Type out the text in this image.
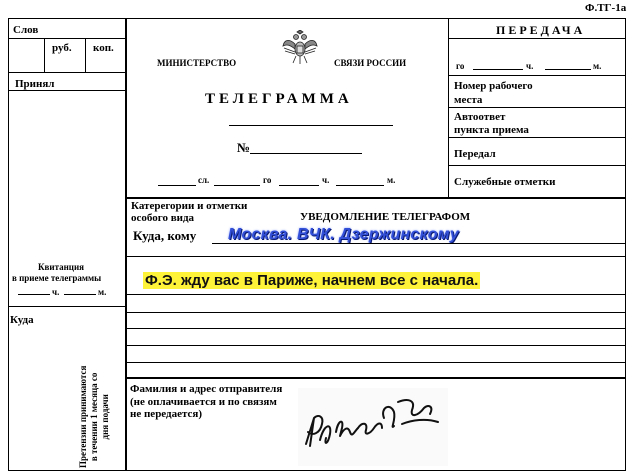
Ф.ТГ-1а
Слов
руб. коп.
Принял
Квитанция
в приеме телеграммы
ч.	м.
Куда
Претензии принимаются в течении 1 месяца со дня подачи
МИНИСТЕРСТВО	СВЯЗИ РОССИИ
ТЕЛЕГРАММА
№
сл.	го	ч.	м.
ПЕРЕДАЧА
го	ч.	м.
Номер рабочего
места
Автоответ
пункта приема
Передал
Служебные отметки
Катерегории и отметки
особого вида	УВЕДОМЛЕНИЕ ТЕЛЕГРАФОМ
Куда, кому Москва. ВЧК. Дзержинскому
Ф.Э. жду вас в Париже, начнем все с начала.
Фамилия и адрес отправителя
(не оплачивается и по связям
не передается)
